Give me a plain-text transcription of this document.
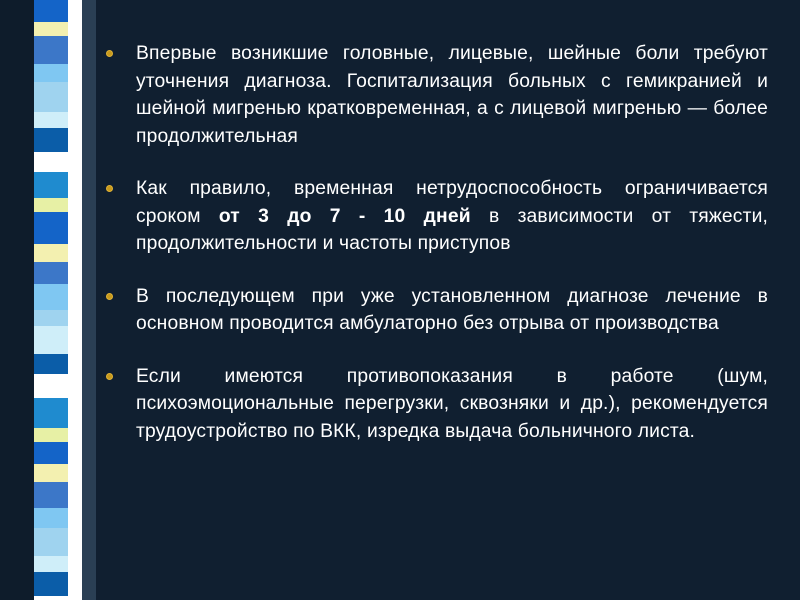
Впервые возникшие головные, лицевые, шейные боли требуют уточнения диагноза. Госпитализация больных с гемикранией и шейной мигренью кратковременная, а с лицевой мигренью — более продолжительная
Как правило, временная нетрудоспособность ограничивается сроком от 3 до 7 - 10 дней в зависимости от тяжести, продолжительности и частоты приступов
В последующем при уже установленном диагнозе лечение в основном проводится амбулаторно без отрыва от производства
Если имеются противопоказания в работе (шум, психоэмоциональные перегрузки, сквозняки и др.), рекомендуется трудоустройство по ВКК, изредка выдача больничного листа.
